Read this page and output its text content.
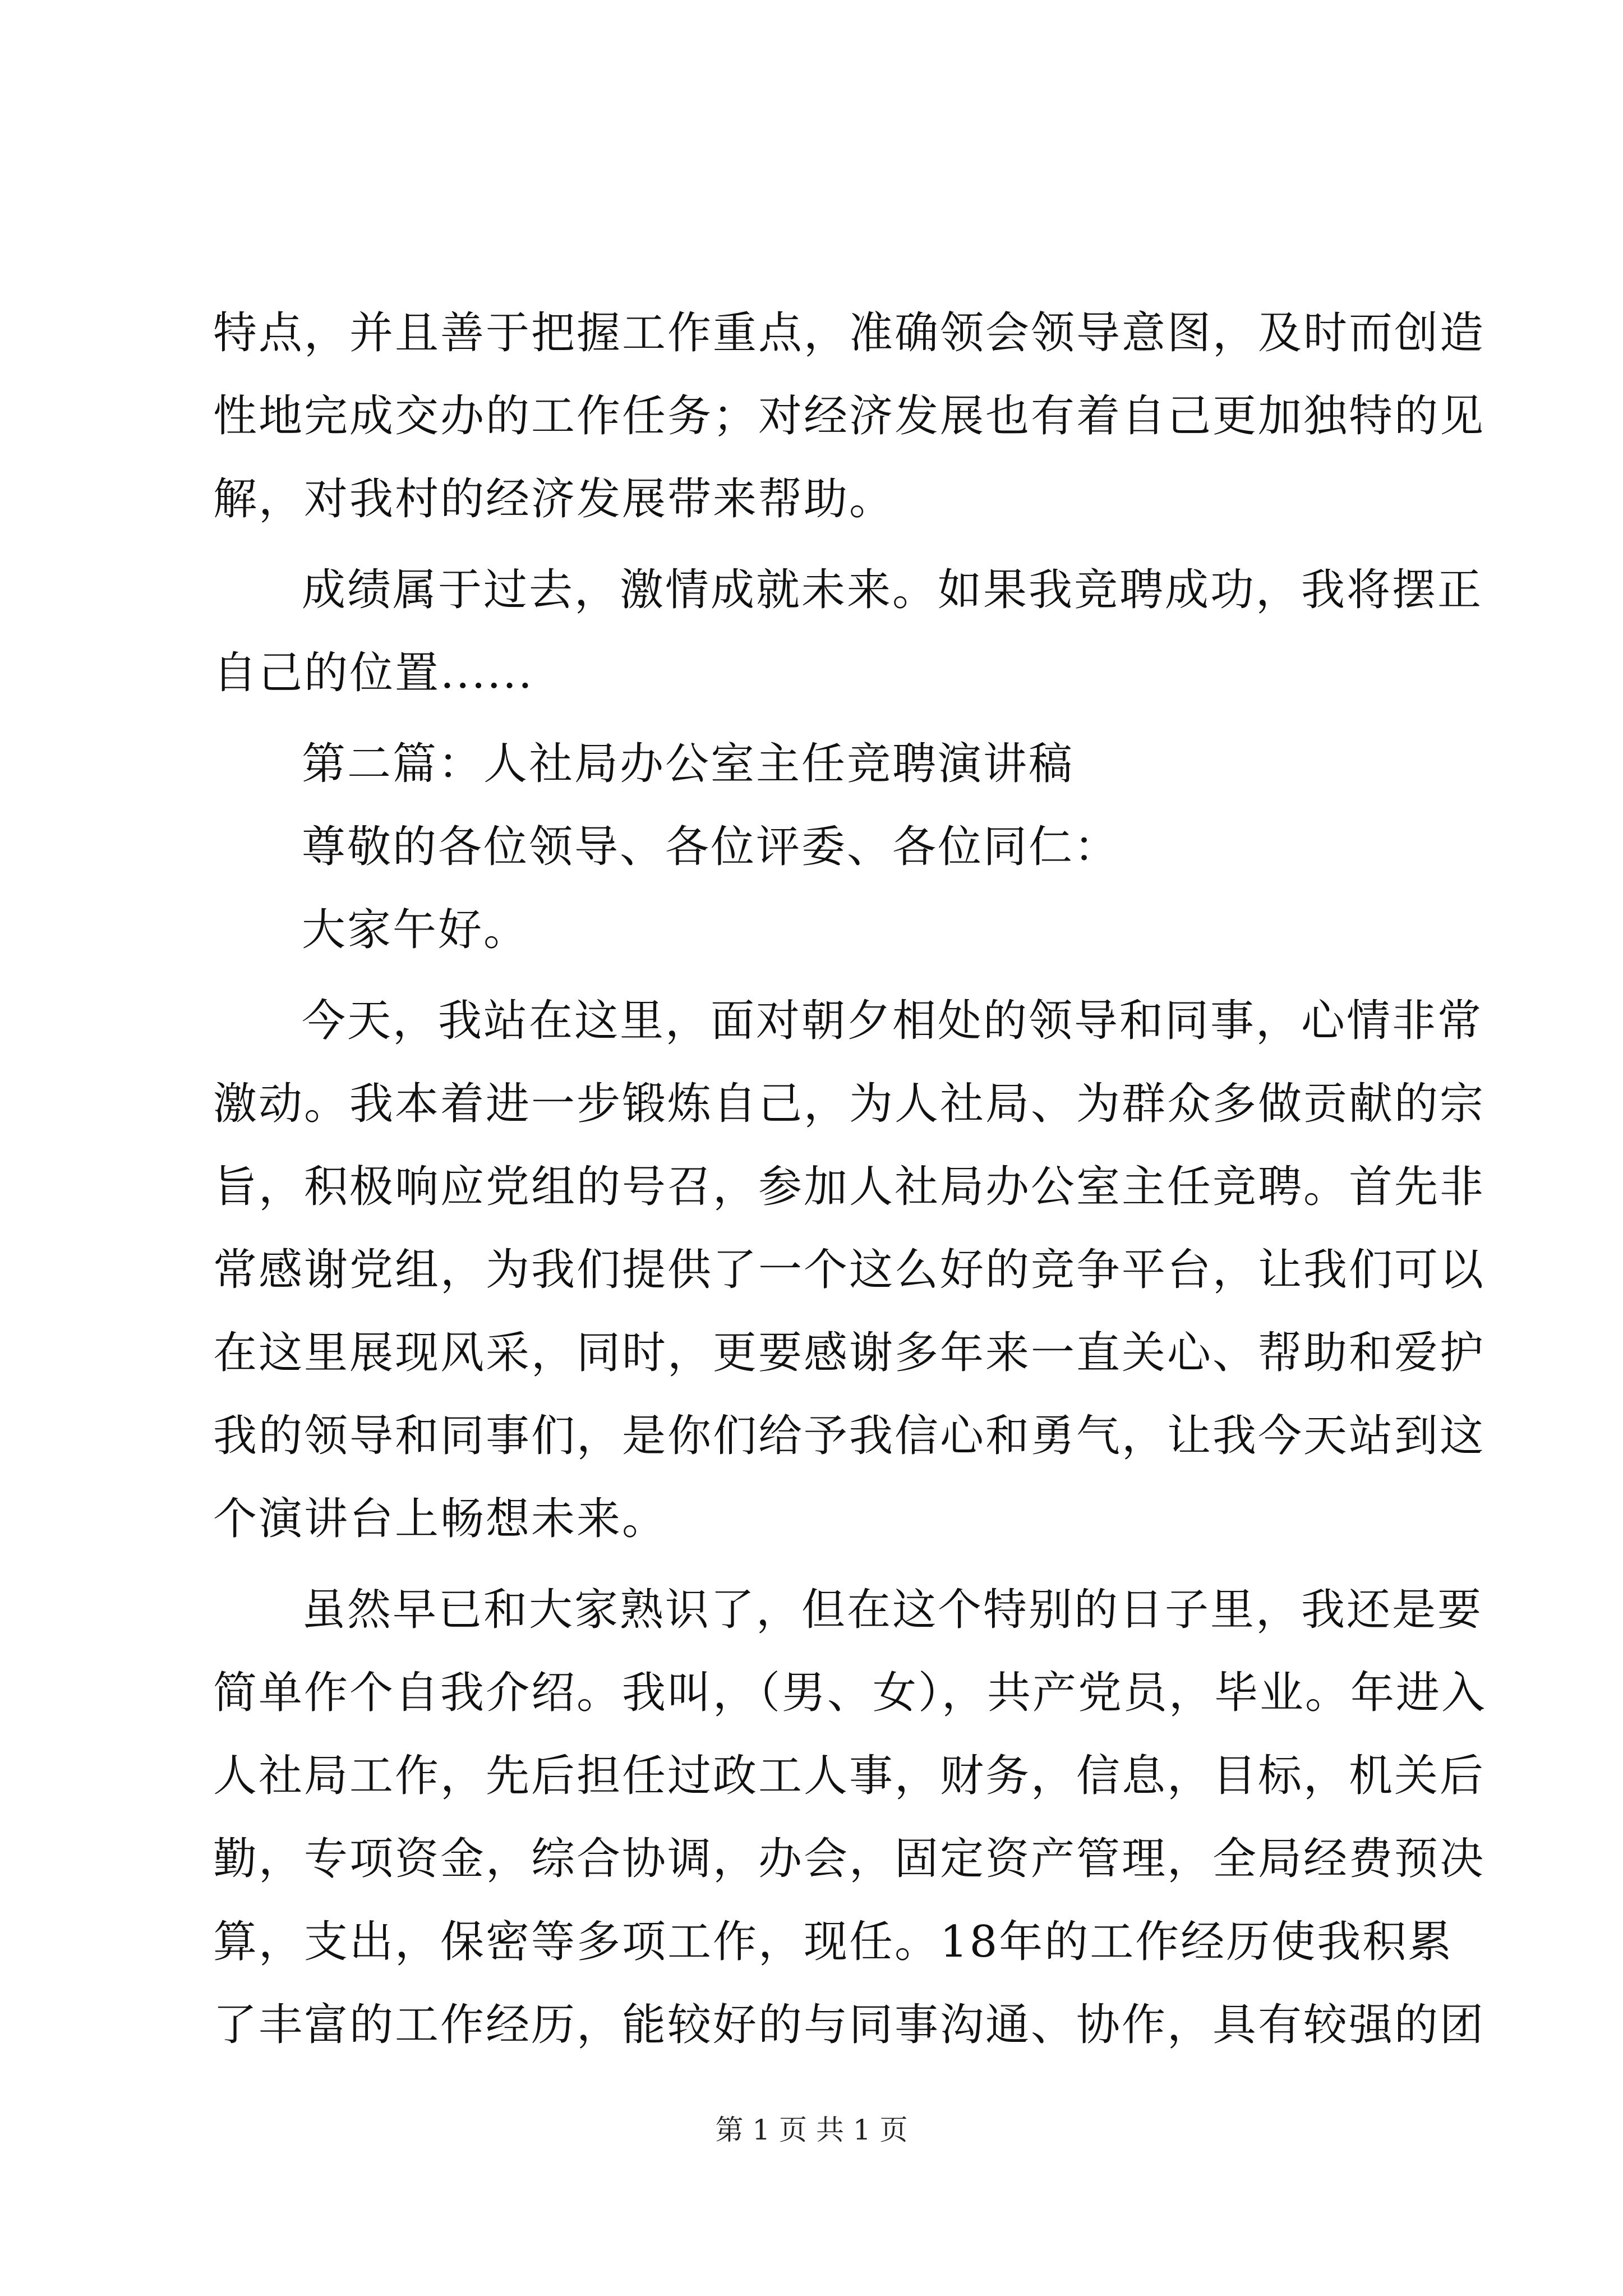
特点，并且善于把握工作重点，准确领会领导意图，及时而创造
性地完成交办的工作任务；对经济发展也有着自己更加独特的见
解，对我村的经济发展带来帮助。
成绩属于过去，激情成就未来。如果我竞聘成功，我将摆正
自己的位置......
第二篇：人社局办公室主任竞聘演讲稿
尊敬的各位领导、各位评委、各位同仁：
大家午好。
今天，我站在这里，面对朝夕相处的领导和同事，心情非常
激动。我本着进一步锻炼自己，为人社局、为群众多做贡献的宗
旨，积极响应党组的号召，参加人社局办公室主任竞聘。首先非
常感谢党组，为我们提供了一个这么好的竞争平台，让我们可以
在这里展现风采，同时，更要感谢多年来一直关心、帮助和爱护
我的领导和同事们，是你们给予我信心和勇气，让我今天站到这
个演讲台上畅想未来。
虽然早已和大家熟识了，但在这个特别的日子里，我还是要
简单作个自我介绍。我叫，（男、女），共产党员，毕业。年进入
人社局工作，先后担任过政工人事，财务，信息，目标，机关后
勤，专项资金，综合协调，办会，固定资产管理，全局经费预决
算，支出，保密等多项工作，现任。18年的工作经历使我积累
了丰富的工作经历，能较好的与同事沟通、协作，具有较强的团
第 1 页 共 1 页
